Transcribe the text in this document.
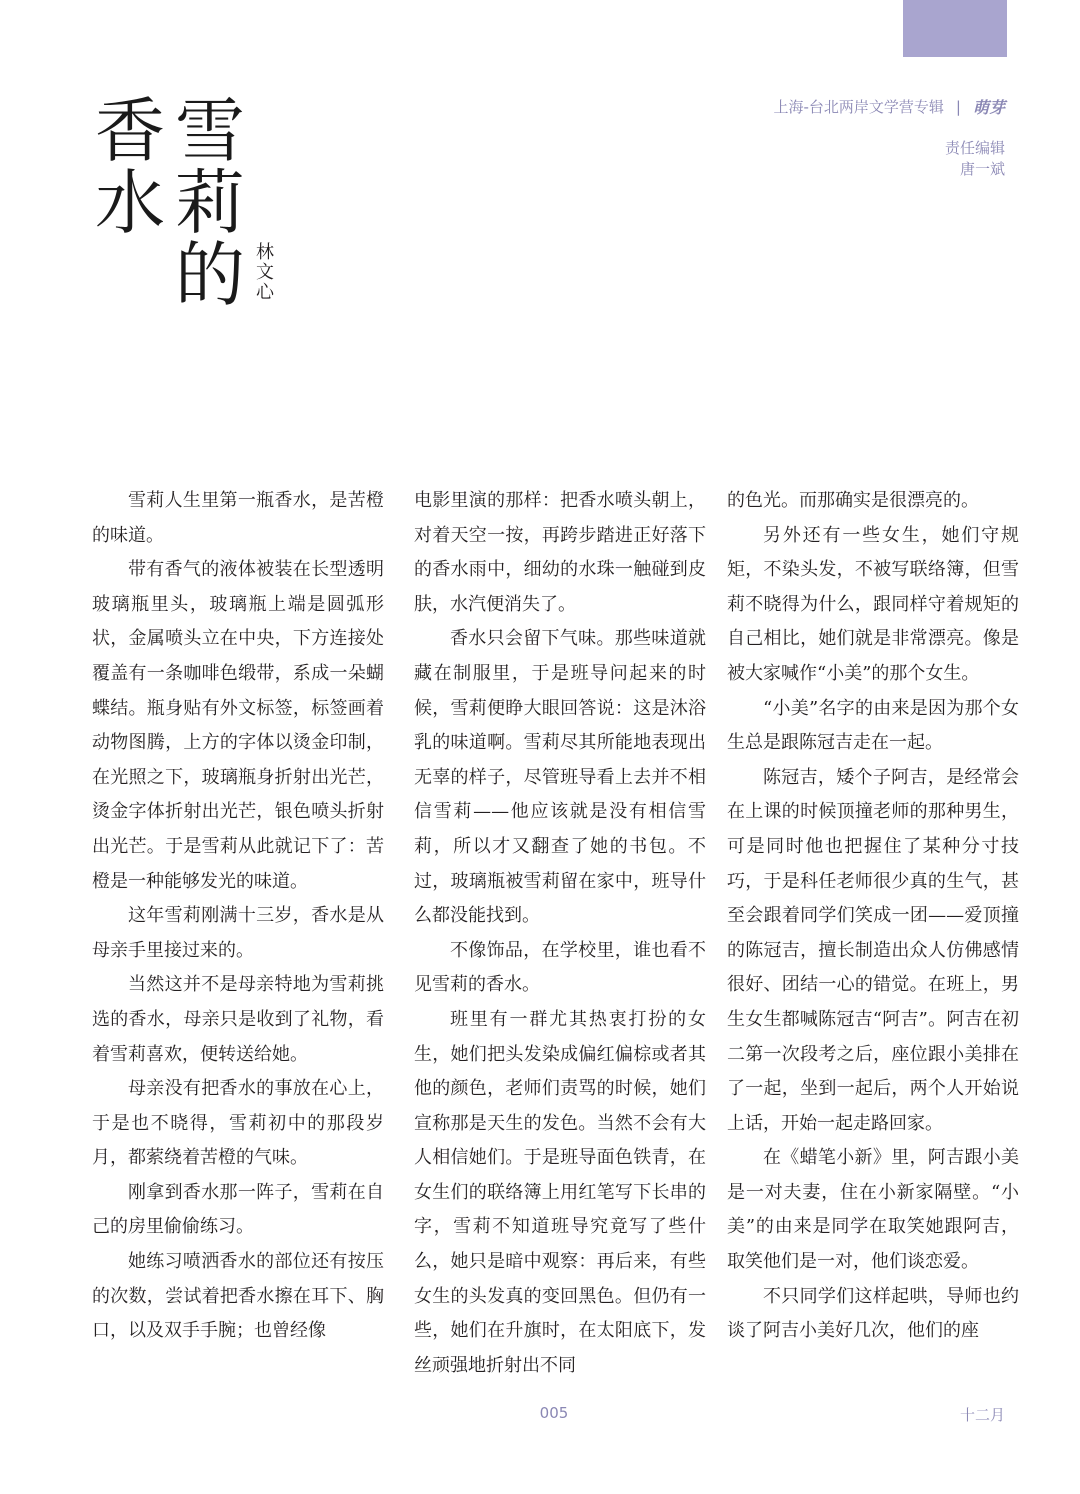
上海-台北两岸文学营专辑 | 萌芽
责任编辑
唐一斌
雪
莉
的
香
水
林
文
心

雪莉人生里第一瓶香水，是苦橙的味道。

带有香气的液体被装在长型透明玻璃瓶里头，玻璃瓶上端是圆弧形状，金属喷头立在中央，下方连接处覆盖有一条咖啡色缎带，系成一朵蝴蝶结。瓶身贴有外文标签，标签画着动物图腾，上方的字体以烫金印制，在光照之下，玻璃瓶身折射出光芒，烫金字体折射出光芒，银色喷头折射出光芒。于是雪莉从此就记下了：苦橙是一种能够发光的味道。

这年雪莉刚满十三岁，香水是从母亲手里接过来的。

当然这并不是母亲特地为雪莉挑选的香水，母亲只是收到了礼物，看着雪莉喜欢，便转送给她。

母亲没有把香水的事放在心上，于是也不晓得，雪莉初中的那段岁月，都萦绕着苦橙的气味。

刚拿到香水那一阵子，雪莉在自己的房里偷偷练习。

她练习喷洒香水的部位还有按压的次数，尝试着把香水擦在耳下、胸口，以及双手手腕；也曾经像

电影里演的那样：把香水喷头朝上，对着天空一按，再跨步踏进正好落下的香水雨中，细幼的水珠一触碰到皮肤，水汽便消失了。

香水只会留下气味。那些味道就藏在制服里，于是班导问起来的时候，雪莉便睁大眼回答说：这是沐浴乳的味道啊。雪莉尽其所能地表现出无辜的样子，尽管班导看上去并不相信雪莉——他应该就是没有相信雪莉，所以才又翻查了她的书包。不过，玻璃瓶被雪莉留在家中，班导什么都没能找到。

不像饰品，在学校里，谁也看不见雪莉的香水。

班里有一群尤其热衷打扮的女生，她们把头发染成偏红偏棕或者其他的颜色，老师们责骂的时候，她们宣称那是天生的发色。当然不会有大人相信她们。于是班导面色铁青，在女生们的联络簿上用红笔写下长串的字，雪莉不知道班导究竟写了些什么，她只是暗中观察：再后来，有些女生的头发真的变回黑色。但仍有一些，她们在升旗时，在太阳底下，发丝顽强地折射出不同

的色光。而那确实是很漂亮的。

另外还有一些女生，她们守规矩，不染头发，不被写联络簿，但雪莉不晓得为什么，跟同样守着规矩的自己相比，她们就是非常漂亮。像是被大家喊作“小美”的那个女生。

“小美”名字的由来是因为那个女生总是跟陈冠吉走在一起。

陈冠吉，矮个子阿吉，是经常会在上课的时候顶撞老师的那种男生，可是同时他也把握住了某种分寸技巧，于是科任老师很少真的生气，甚至会跟着同学们笑成一团——爱顶撞的陈冠吉，擅长制造出众人仿佛感情很好、团结一心的错觉。在班上，男生女生都喊陈冠吉“阿吉”。阿吉在初二第一次段考之后，座位跟小美排在了一起，坐到一起后，两个人开始说上话，开始一起走路回家。

在《蜡笔小新》里，阿吉跟小美是一对夫妻，住在小新家隔壁。“小美”的由来是同学在取笑她跟阿吉，取笑他们是一对，他们谈恋爱。

不只同学们这样起哄，导师也约谈了阿吉小美好几次，他们的座

005	十二月
